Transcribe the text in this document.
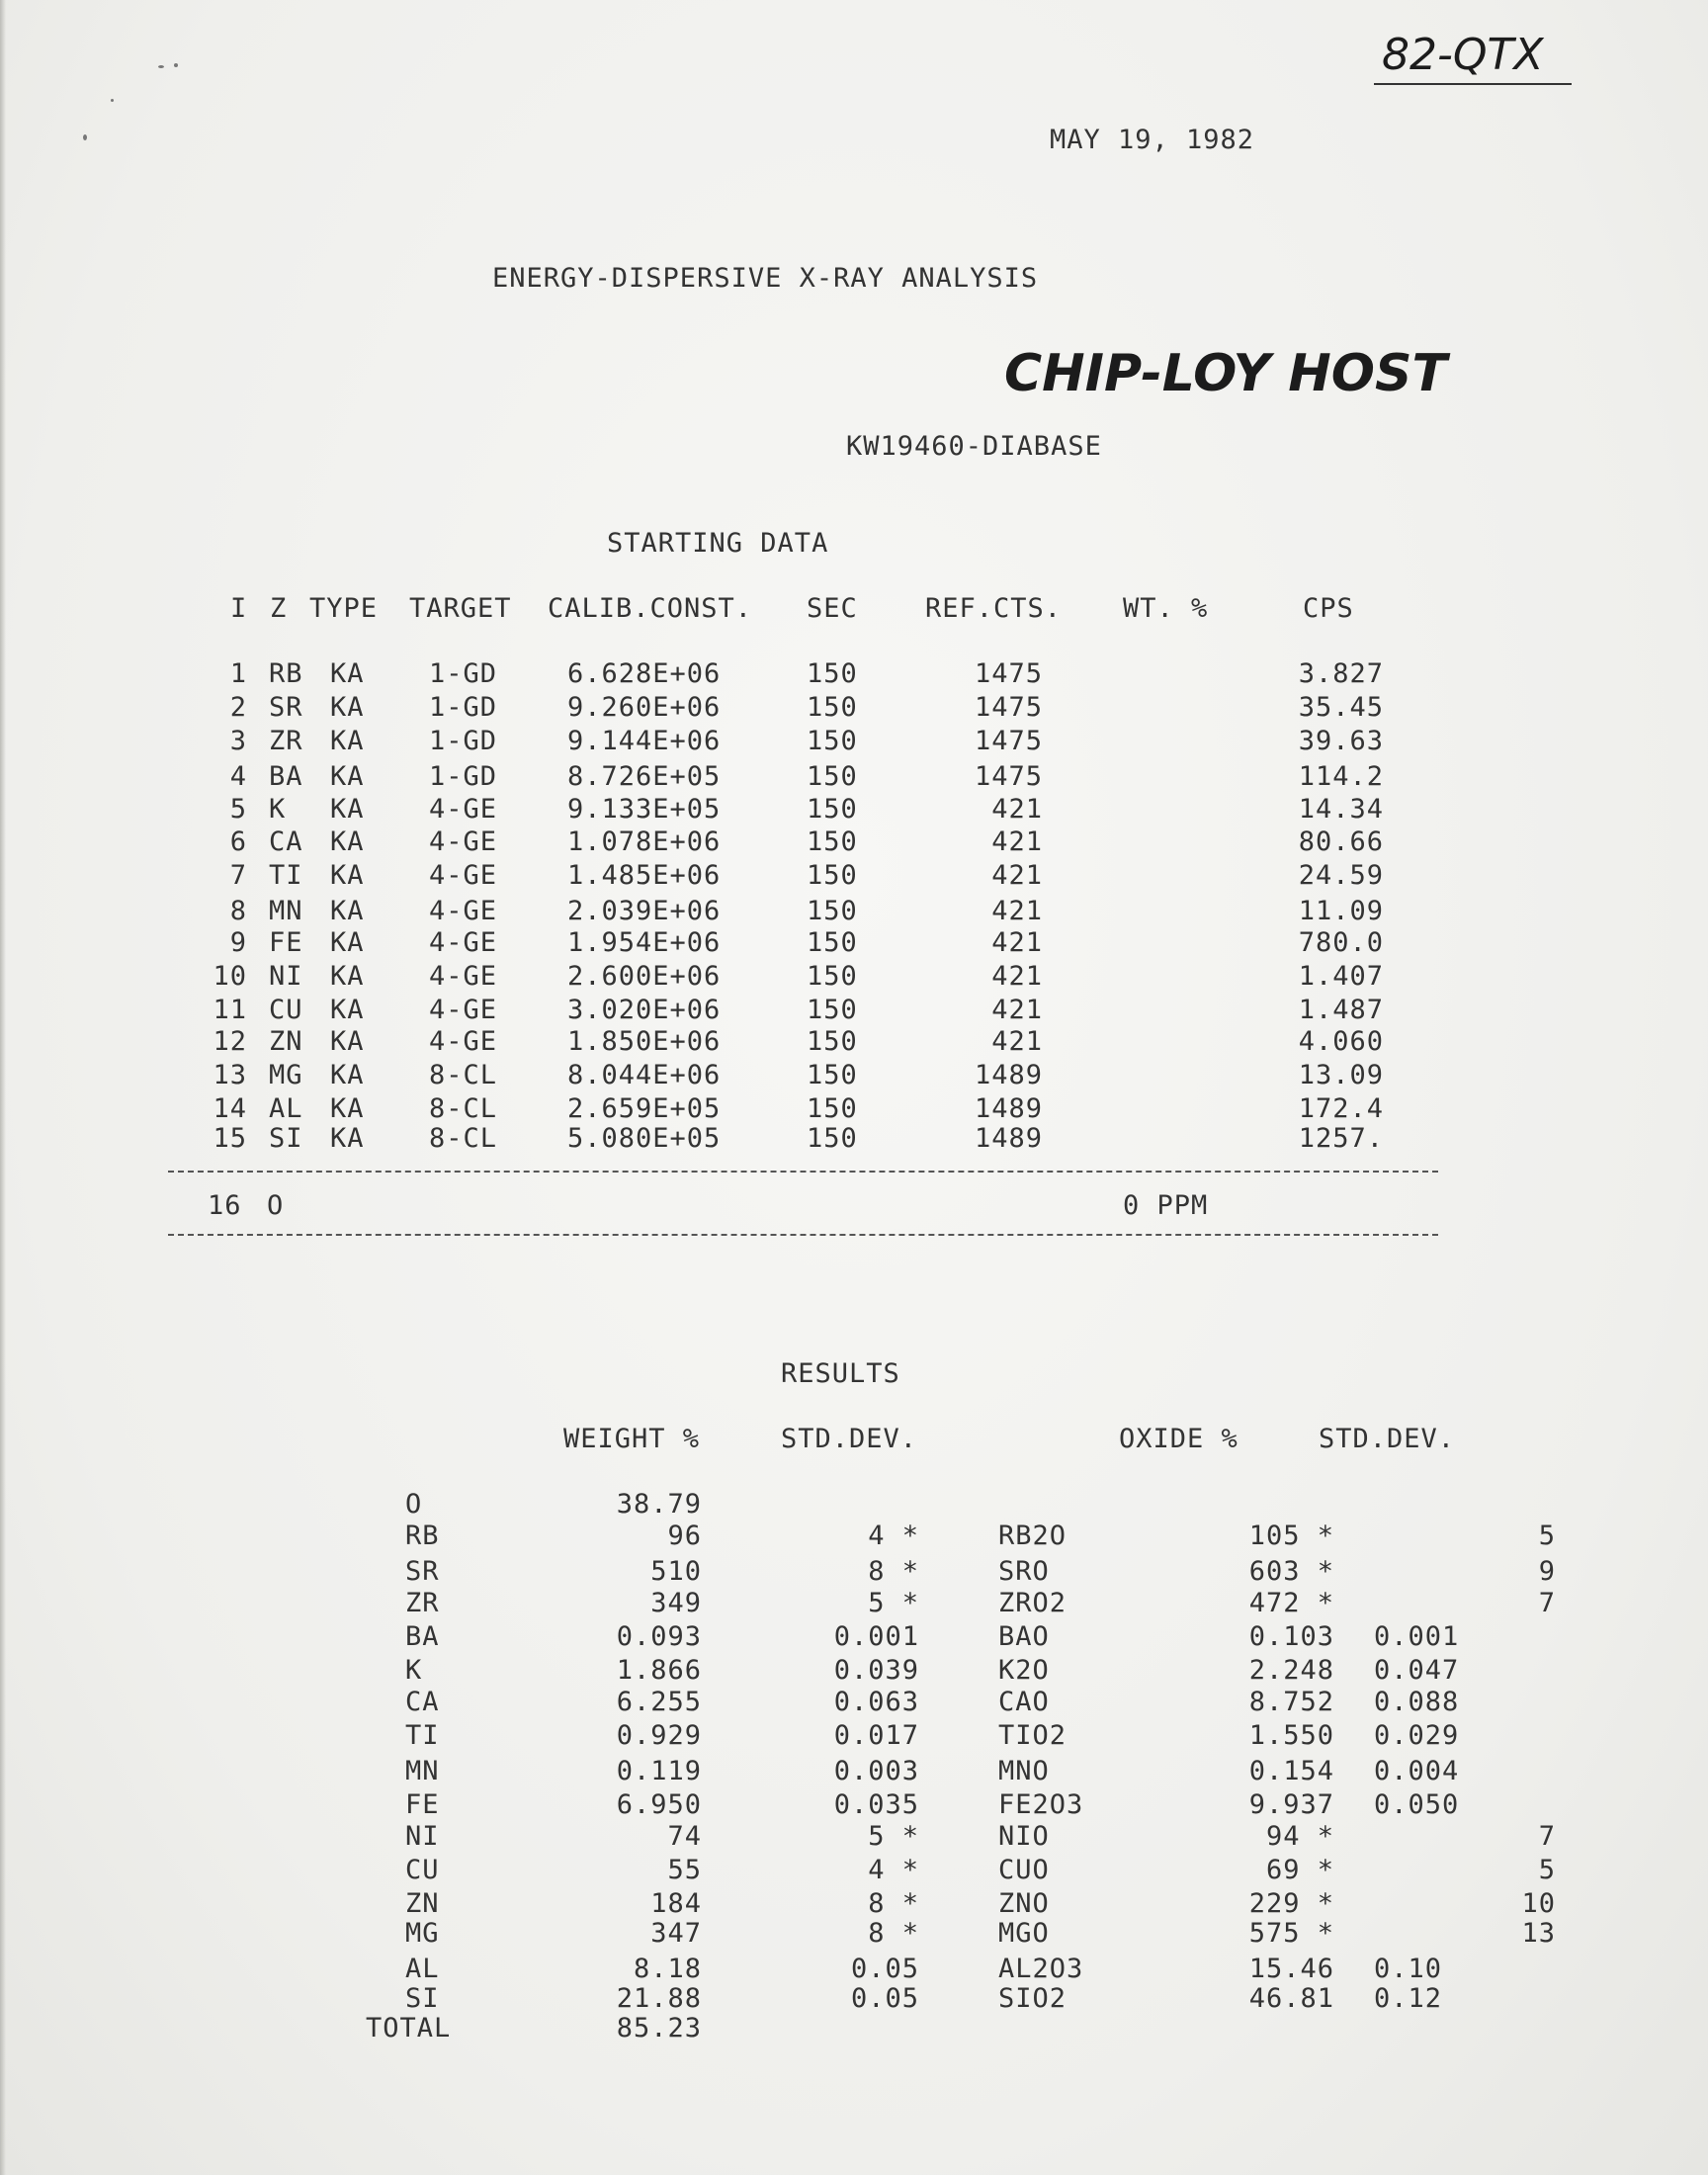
82-QTX
MAY 19, 1982
ENERGY-DISPERSIVE X-RAY ANALYSIS
CHIP-LOY HOST
KW19460-DIABASE
STARTING DATA
I Z TYPE TARGET CALIB.CONST. SEC	REF.CTS. WT. %	CPS
1 RB KA 1-GD	6.628E+06	150	1475	3.827
2 SR KA 1-GD	9.260E+06	150	1475	35.45
3 ZR KA 1-GD	9.144E+06	150	1475	39.63
4 BA KA 1-GD	8.726E+05	150	1475	114.2
5 K KA 4-GE	9.133E+05	150	421	14.34
6 CA KA 4-GE	1.078E+06	150	421	80.66
7 TI KA 4-GE	1.485E+06	150	421	24.59
8 MN KA 4-GE	2.039E+06	150	421	11.09
9 FE KA 4-GE	1.954E+06	150	421	780.0
10 NI KA 4-GE	2.600E+06	150	421	1.407
11 CU KA 4-GE	3.020E+06	150	421	1.487
12 ZN KA 4-GE	1.850E+06	150	421	4.060
13 MG KA 8-CL	8.044E+06	150	1489	13.09
14 AL KA 8-CL	2.659E+05	150	1489	172.4
15 SI KA 8-CL	5.080E+05	150	1489	1257.
16 O	0 PPM
RESULTS
WEIGHT %	STD.DEV.	OXIDE %	STD.DEV.
O	38.79
RB	96	4 *	RB2O	105 *	5
SR	510	8 *	SRO	603 *	9
ZR	349	5 *	ZRO2	472 *	7
BA	0.093	0.001	BAO	0.103 0.001
K	1.866	0.039	K2O	2.248 0.047
CA	6.255	0.063	CAO	8.752 0.088
TI	0.929	0.017	TIO2	1.550 0.029
MN	0.119	0.003	MNO	0.154 0.004
FE	6.950	0.035	FE2O3	9.937 0.050
NI	74	5 *	NIO	94 *	7
CU	55	4 *	CUO	69 *	5
ZN	184	8 *	ZNO	229 *	10
MG	347	8 *	MGO	575 *	13
AL	8.18	0.05	AL2O3	15.46 0.10
SI	21.88	0.05	SIO2	46.81 0.12
TOTAL	85.23
